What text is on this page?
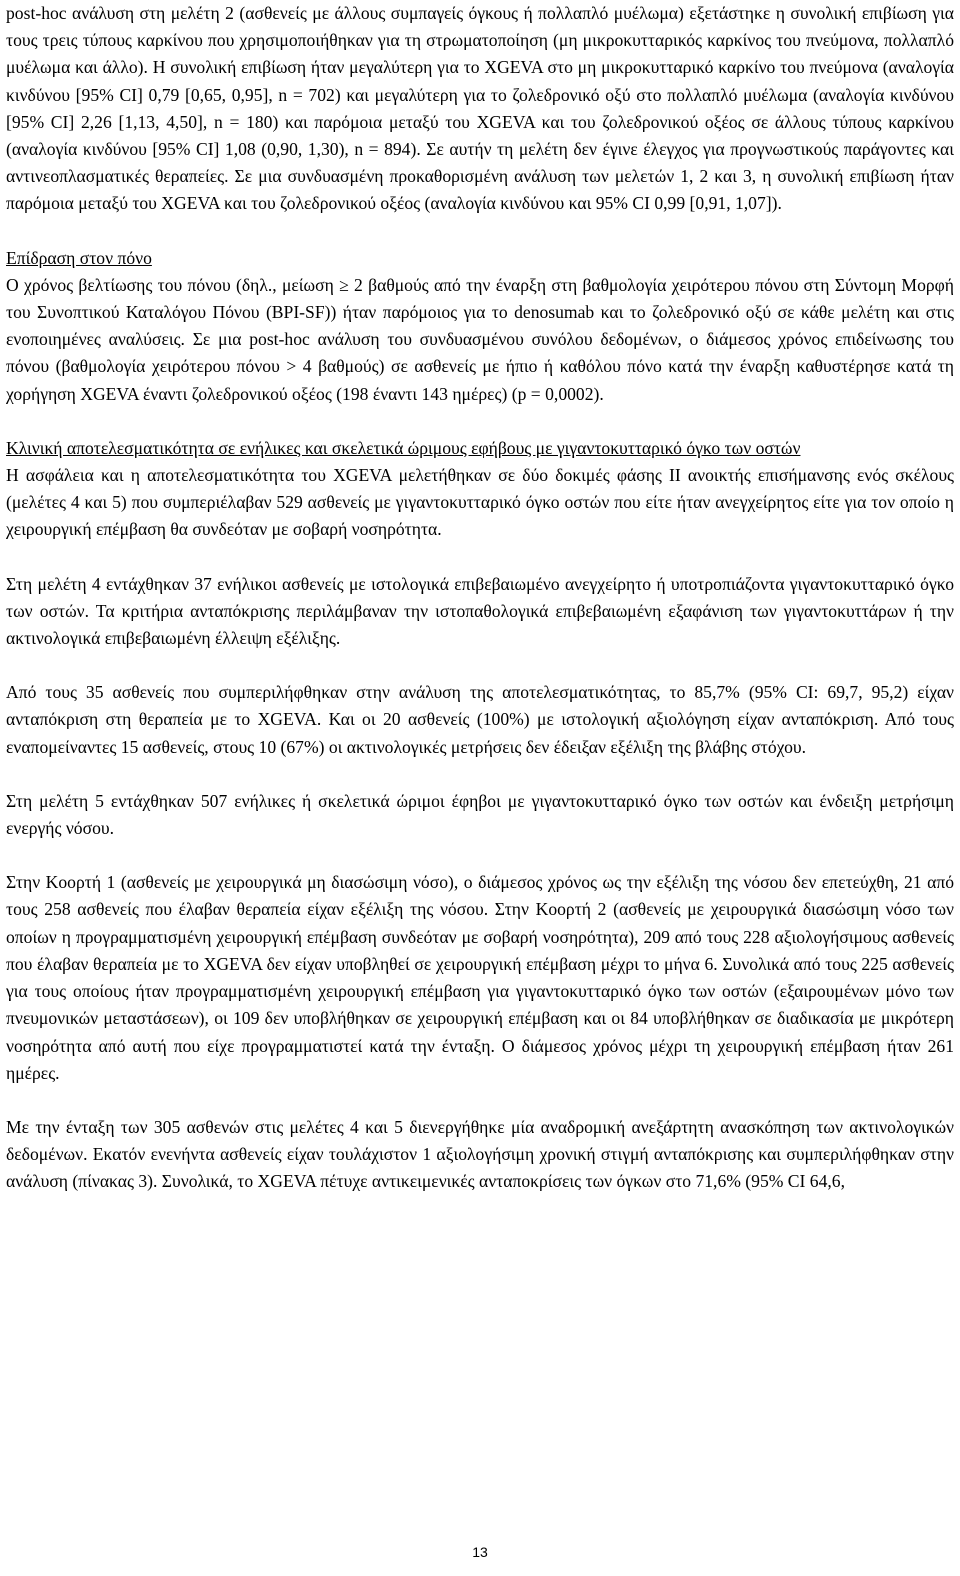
post-hoc ανάλυση στη μελέτη 2 (ασθενείς με άλλους συμπαγείς όγκους ή πολλαπλό μυέλωμα) εξετάστηκε η συνολική επιβίωση για τους τρεις τύπους καρκίνου που χρησιμοποιήθηκαν για τη στρωματοποίηση (μη μικροκυτταρικός καρκίνος του πνεύμονα, πολλαπλό μυέλωμα και άλλο). Η συνολική επιβίωση ήταν μεγαλύτερη για το XGEVA στο μη μικροκυτταρικό καρκίνο του πνεύμονα (αναλογία κινδύνου [95% CI] 0,79 [0,65, 0,95], n = 702) και μεγαλύτερη για το ζολεδρονικό οξύ στο πολλαπλό μυέλωμα (αναλογία κινδύνου [95% CI] 2,26 [1,13, 4,50], n = 180) και παρόμοια μεταξύ του XGEVA και του ζολεδρονικού οξέος σε άλλους τύπους καρκίνου (αναλογία κινδύνου [95% CI] 1,08 (0,90, 1,30), n = 894). Σε αυτήν τη μελέτη δεν έγινε έλεγχος για προγνωστικούς παράγοντες και αντινεοπλασματικές θεραπείες. Σε μια συνδυασμένη προκαθορισμένη ανάλυση των μελετών 1, 2 και 3, η συνολική επιβίωση ήταν παρόμοια μεταξύ του XGEVA και του ζολεδρονικού οξέος (αναλογία κινδύνου και 95% CI 0,99 [0,91, 1,07]).

Επίδραση στον πόνο

Ο χρόνος βελτίωσης του πόνου (δηλ., μείωση ≥ 2 βαθμούς από την έναρξη στη βαθμολογία χειρότερου πόνου στη Σύντομη Μορφή του Συνοπτικού Καταλόγου Πόνου (BPI-SF)) ήταν παρόμοιος για το denosumab και το ζολεδρονικό οξύ σε κάθε μελέτη και στις ενοποιημένες αναλύσεις. Σε μια post-hoc ανάλυση του συνδυασμένου συνόλου δεδομένων, ο διάμεσος χρόνος επιδείνωσης του πόνου (βαθμολογία χειρότερου πόνου > 4 βαθμούς) σε ασθενείς με ήπιο ή καθόλου πόνο κατά την έναρξη καθυστέρησε κατά τη χορήγηση XGEVA έναντι ζολεδρονικού οξέος (198 έναντι 143 ημέρες) (p = 0,0002).

Κλινική αποτελεσματικότητα σε ενήλικες και σκελετικά ώριμους εφήβους με γιγαντοκυτταρικό όγκο των οστών

Η ασφάλεια και η αποτελεσματικότητα του XGEVA μελετήθηκαν σε δύο δοκιμές φάσης II ανοικτής επισήμανσης ενός σκέλους (μελέτες 4 και 5) που συμπεριέλαβαν 529 ασθενείς με γιγαντοκυτταρικό όγκο οστών που είτε ήταν ανεγχείρητος είτε για τον οποίο η χειρουργική επέμβαση θα συνδεόταν με σοβαρή νοσηρότητα.

Στη μελέτη 4 εντάχθηκαν 37 ενήλικοι ασθενείς με ιστολογικά επιβεβαιωμένο ανεγχείρητο ή υποτροπιάζοντα γιγαντοκυτταρικό όγκο των οστών. Τα κριτήρια ανταπόκρισης περιλάμβαναν την ιστοπαθολογικά επιβεβαιωμένη εξαφάνιση των γιγαντοκυττάρων ή την ακτινολογικά επιβεβαιωμένη έλλειψη εξέλιξης.

Από τους 35 ασθενείς που συμπεριλήφθηκαν στην ανάλυση της αποτελεσματικότητας, το 85,7% (95% CI: 69,7, 95,2) είχαν ανταπόκριση στη θεραπεία με το XGEVA. Και οι 20 ασθενείς (100%) με ιστολογική αξιολόγηση είχαν ανταπόκριση. Από τους εναπομείναντες 15 ασθενείς, στους 10 (67%) οι ακτινολογικές μετρήσεις δεν έδειξαν εξέλιξη της βλάβης στόχου.

Στη μελέτη 5 εντάχθηκαν 507 ενήλικες ή σκελετικά ώριμοι έφηβοι με γιγαντοκυτταρικό όγκο των οστών και ένδειξη μετρήσιμη ενεργής νόσου.

Στην Κοορτή 1 (ασθενείς με χειρουργικά μη διασώσιμη νόσο), ο διάμεσος χρόνος ως την εξέλιξη της νόσου δεν επετεύχθη, 21 από τους 258 ασθενείς που έλαβαν θεραπεία είχαν εξέλιξη της νόσου. Στην Κοορτή 2 (ασθενείς με χειρουργικά διασώσιμη νόσο των οποίων η προγραμματισμένη χειρουργική επέμβαση συνδεόταν με σοβαρή νοσηρότητα), 209 από τους 228 αξιολογήσιμους ασθενείς που έλαβαν θεραπεία με το XGEVA δεν είχαν υποβληθεί σε χειρουργική επέμβαση μέχρι το μήνα 6. Συνολικά από τους 225 ασθενείς για τους οποίους ήταν προγραμματισμένη χειρουργική επέμβαση για γιγαντοκυτταρικό όγκο των οστών (εξαιρουμένων μόνο των πνευμονικών μεταστάσεων), οι 109 δεν υποβλήθηκαν σε χειρουργική επέμβαση και οι 84 υποβλήθηκαν σε διαδικασία με μικρότερη νοσηρότητα από αυτή που είχε προγραμματιστεί κατά την ένταξη. Ο διάμεσος χρόνος μέχρι τη χειρουργική επέμβαση ήταν 261 ημέρες.

Με την ένταξη των 305 ασθενών στις μελέτες 4 και 5 διενεργήθηκε μία αναδρομική ανεξάρτητη ανασκόπηση των ακτινολογικών δεδομένων. Εκατόν ενενήντα ασθενείς είχαν τουλάχιστον 1 αξιολογήσιμη χρονική στιγμή ανταπόκρισης και συμπεριλήφθηκαν στην ανάλυση (πίνακας 3). Συνολικά, το XGEVA πέτυχε αντικειμενικές ανταποκρίσεις των όγκων στο 71,6% (95% CI 64,6,

13
